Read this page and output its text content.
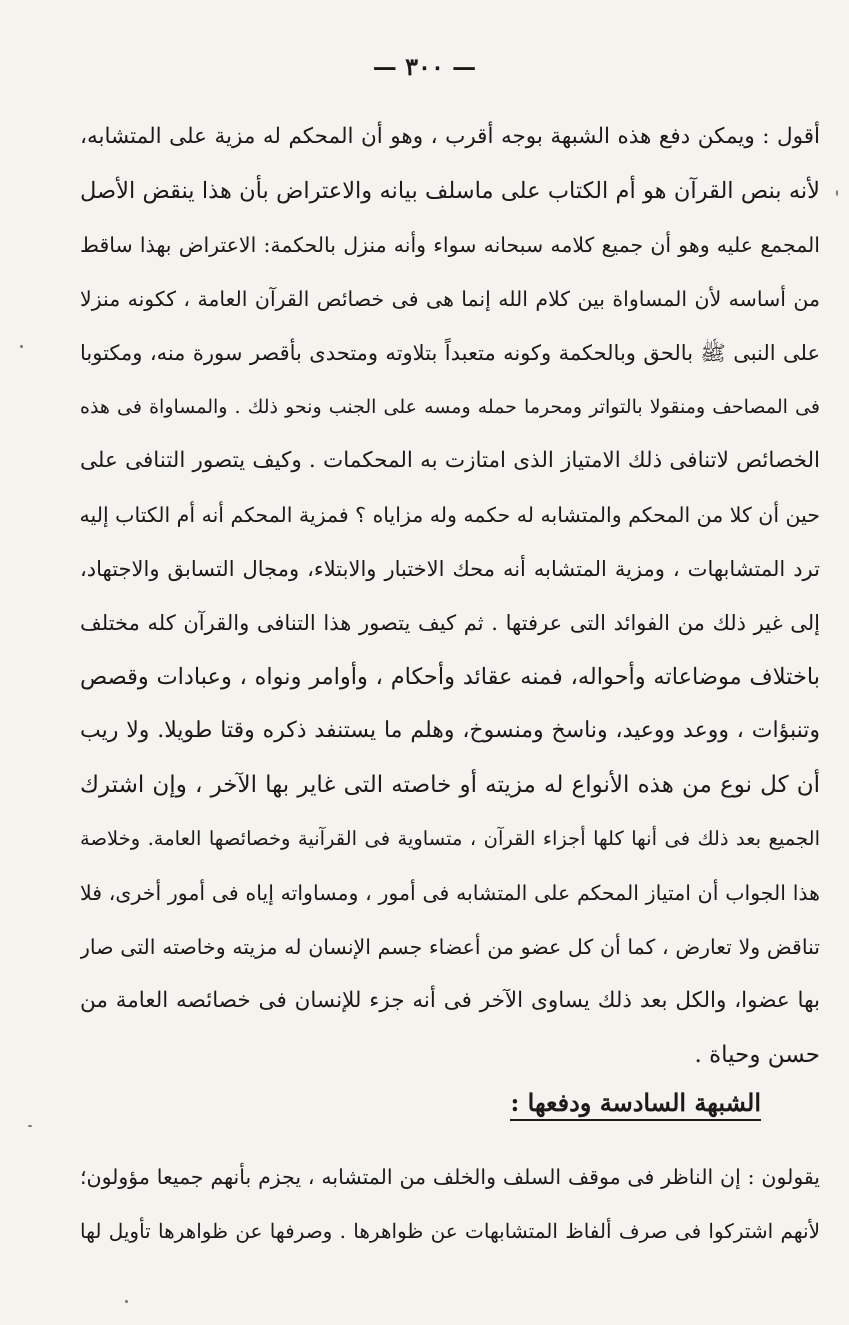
— ٣٠٠ —
أقول : ويمكن دفع هذه الشبهة بوجه أقرب ، وهو أن المحكم له مزية على المتشابه،
لأنه بنص القرآن هو أم الكتاب على ماسلف بيانه والاعتراض بأن هذا ينقض الأصل
المجمع عليه وهو أن جميع كلامه سبحانه سواء وأنه منزل بالحكمة: الاعتراض بهذا ساقط
من أساسه لأن المساواة بين كلام الله إنما هى فى خصائص القرآن العامة ، ككونه منزلا
على النبى ﷺ بالحق وبالحكمة وكونه متعبداً بتلاوته ومتحدى بأقصر سورة منه، ومكتوبا
فى المصاحف ومنقولا بالتواتر ومحرما حمله ومسه على الجنب ونحو ذلك . والمساواة فى هذه
الخصائص لاتنافى ذلك الامتياز الذى امتازت به المحكمات . وكيف يتصور التنافى على
حين أن كلا من المحكم والمتشابه له حكمه وله مزاياه ؟ فمزية المحكم أنه أم الكتاب إليه
ترد المتشابهات ، ومزية المتشابه أنه محك الاختبار والابتلاء، ومجال التسابق والاجتهاد،
إلى غير ذلك من الفوائد التى عرفتها . ثم كيف يتصور هذا التنافى والقرآن كله مختلف
باختلاف موضاعاته وأحواله، فمنه عقائد وأحكام ، وأوامر ونواه ، وعبادات وقصص
وتنبؤات ، ووعد ووعيد، وناسخ ومنسوخ، وهلم ما يستنفد ذكره وقتا طويلا. ولا ريب
أن كل نوع من هذه الأنواع له مزيته أو خاصته التى غاير بها الآخر ، وإن اشترك
الجميع بعد ذلك فى أنها كلها أجزاء القرآن ، متساوية فى القرآنية وخصائصها العامة. وخلاصة
هذا الجواب أن امتياز المحكم على المتشابه فى أمور ، ومساواته إياه فى أمور أخرى، فلا
تناقض ولا تعارض ، كما أن كل عضو من أعضاء جسم الإنسان له مزيته وخاصته التى صار
بها عضوا، والكل بعد ذلك يساوى الآخر فى أنه جزء للإنسان فى خصائصه العامة من
حسن وحياة .
الشبهة السادسة ودفعها :
يقولون : إن الناظر فى موقف السلف والخلف من المتشابه ، يجزم بأنهم جميعا مؤولون؛
لأنهم اشتركوا فى صرف ألفاظ المتشابهات عن ظواهرها . وصرفها عن ظواهرها تأويل لها
